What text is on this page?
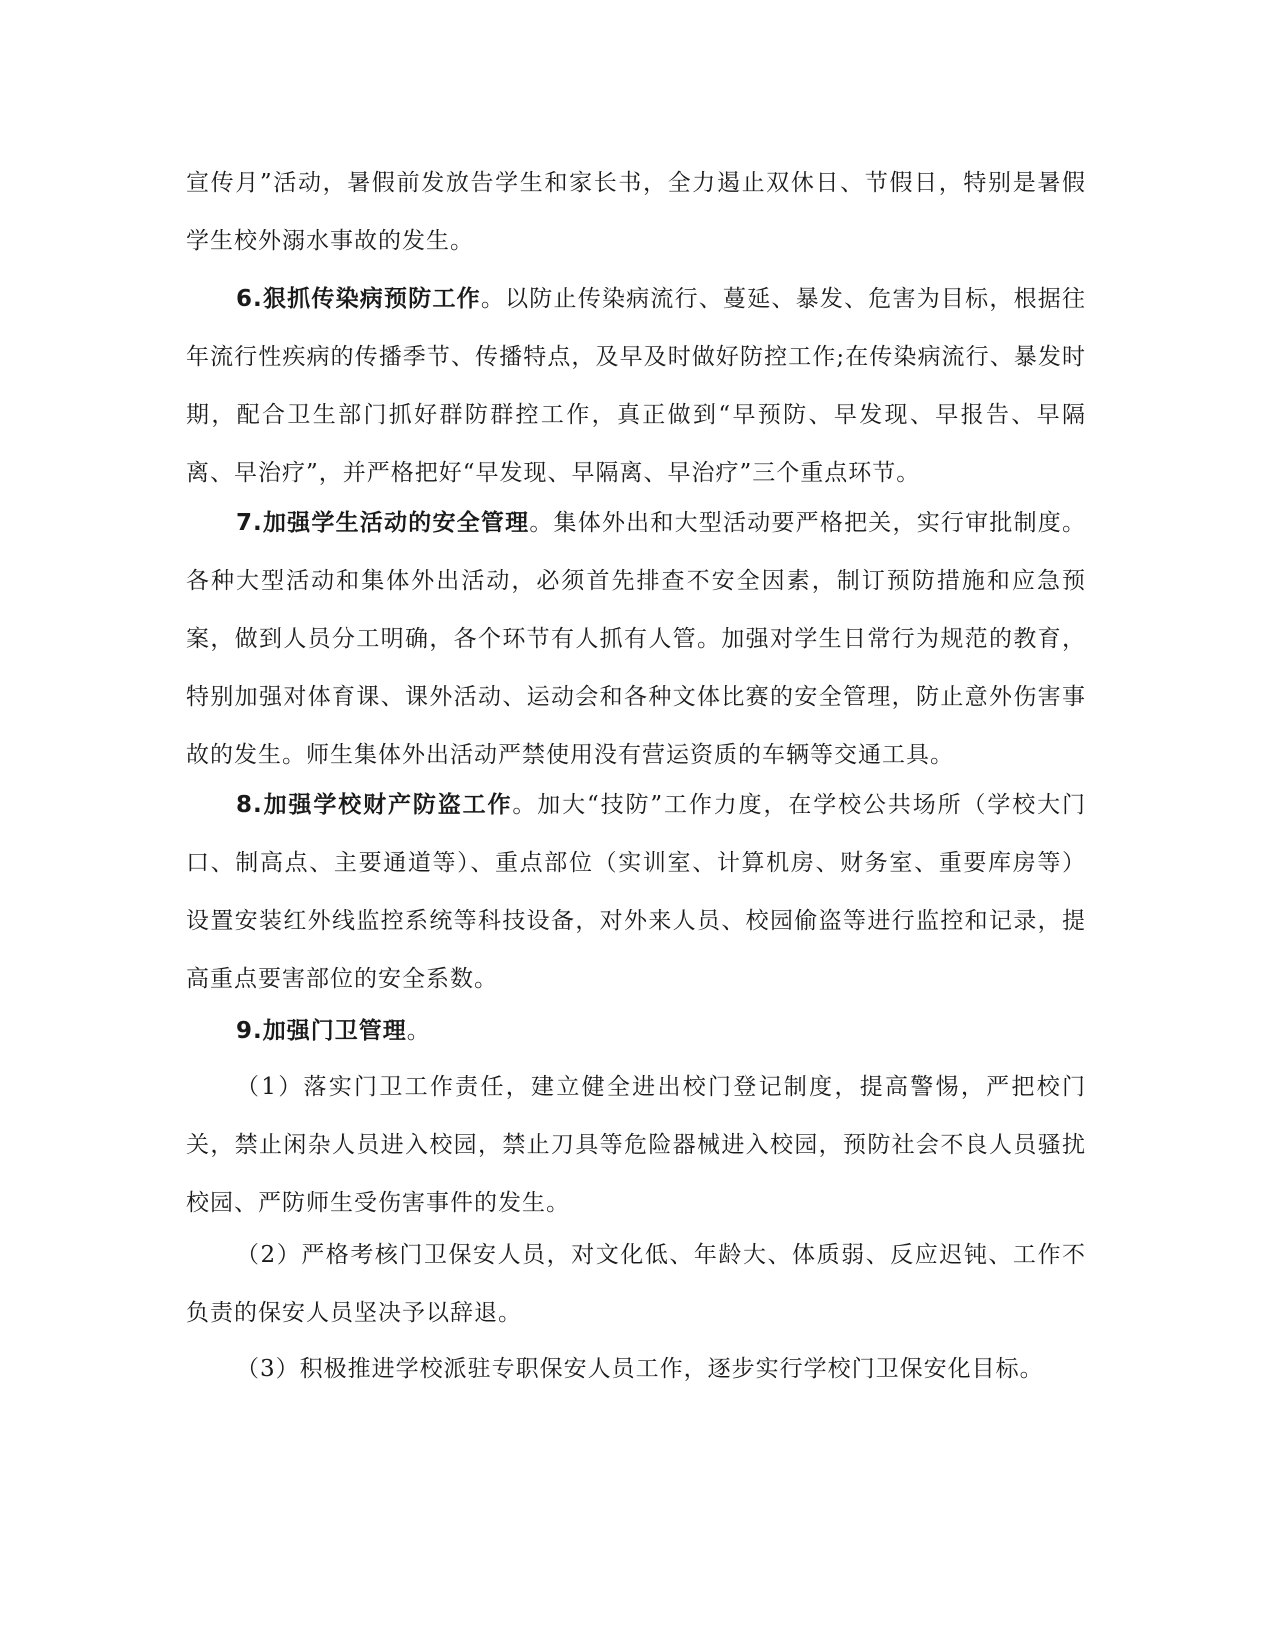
宣传月”活动，暑假前发放告学生和家长书，全力遏止双休日、节假日，特别是暑假学生校外溺水事故的发生。

6.狠抓传染病预防工作。以防止传染病流行、蔓延、暴发、危害为目标，根据往年流行性疾病的传播季节、传播特点，及早及时做好防控工作;在传染病流行、暴发时期，配合卫生部门抓好群防群控工作，真正做到“早预防、早发现、早报告、早隔离、早治疗”，并严格把好“早发现、早隔离、早治疗”三个重点环节。

7.加强学生活动的安全管理。集体外出和大型活动要严格把关，实行审批制度。各种大型活动和集体外出活动，必须首先排查不安全因素，制订预防措施和应急预案，做到人员分工明确，各个环节有人抓有人管。加强对学生日常行为规范的教育，特别加强对体育课、课外活动、运动会和各种文体比赛的安全管理，防止意外伤害事故的发生。师生集体外出活动严禁使用没有营运资质的车辆等交通工具。

8.加强学校财产防盗工作。加大“技防”工作力度，在学校公共场所（学校大门口、制高点、主要通道等）、重点部位（实训室、计算机房、财务室、重要库房等）设置安装红外线监控系统等科技设备，对外来人员、校园偷盗等进行监控和记录，提高重点要害部位的安全系数。

9.加强门卫管理。

（1）落实门卫工作责任，建立健全进出校门登记制度，提高警惕，严把校门关，禁止闲杂人员进入校园，禁止刀具等危险器械进入校园，预防社会不良人员骚扰校园、严防师生受伤害事件的发生。

（2）严格考核门卫保安人员，对文化低、年龄大、体质弱、反应迟钝、工作不负责的保安人员坚决予以辞退。

（3）积极推进学校派驻专职保安人员工作，逐步实行学校门卫保安化目标。
